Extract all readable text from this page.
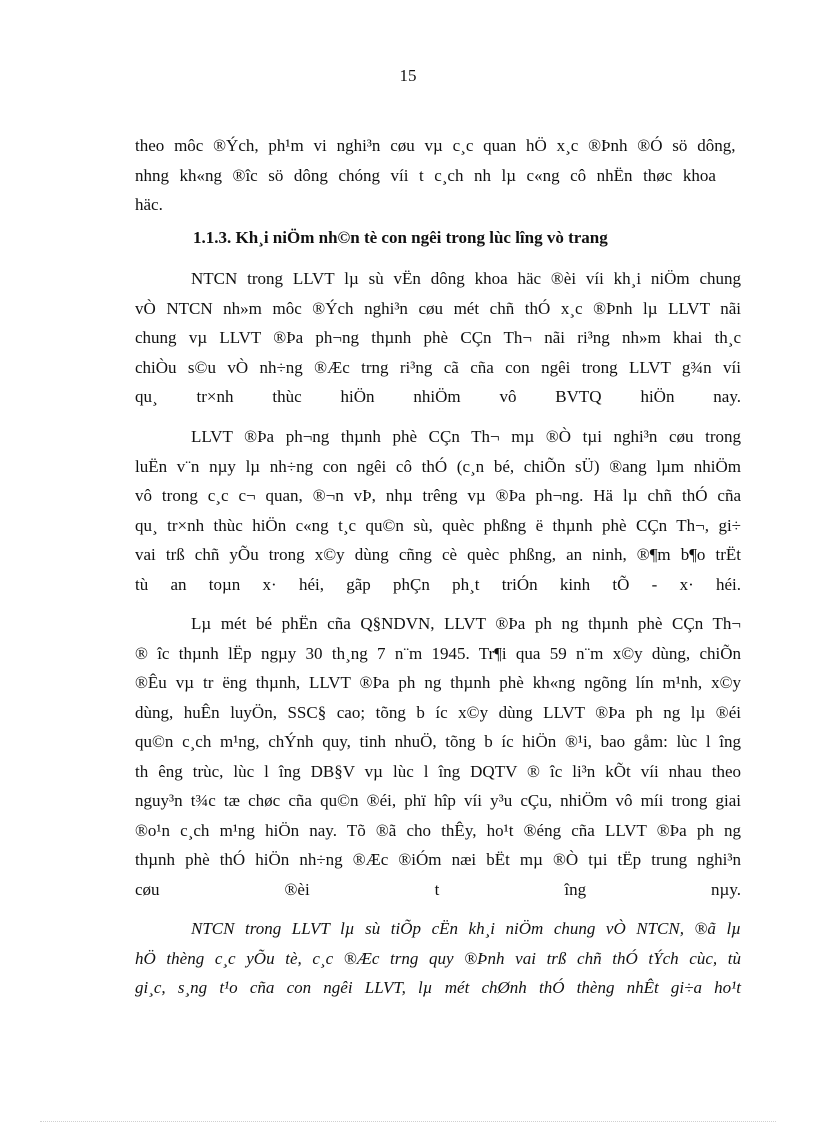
15
theo môc ®Ých, ph¹m vi nghi³n cøu vµ c¸c quan hÖ x¸c ®Þnh ®Ó sö dông,
nhng kh«ng ®îc sö dông chóng víi t c¸ch nh lµ c«ng cô nhËn thøc khoa
häc.
1.1.3. Kh¸i niÖm nh©n tè con ngêi trong lùc lîng vò trang
NTCN trong LLVT lµ sù vËn dông khoa häc ®èi víi kh¸i niÖm chung
vÒ NTCN nh»m môc ®Ých nghi³n cøu mét chñ thÓ x¸c ®Þnh lµ LLVT nãi
chung vµ LLVT ®Þa ph¬ng thµnh phè CÇn Th¬ nãi ri³ng nh»m khai th¸c
chiÒu s©u vÒ nh÷ng ®Æc trng ri³ng cã cña con ngêi trong LLVT g¾n víi
qu¸ tr×nh thùc hiÖn nhiÖm vô BVTQ hiÖn nay.
LLVT ®Þa ph¬ng thµnh phè CÇn Th¬ mµ ®Ò tµi nghi³n cøu trong
luËn v¨n nµy lµ nh÷ng con ngêi cô thÓ (c¸n bé, chiÕn sÜ) ®ang lµm nhiÖm
vô trong c¸c c¬ quan, ®¬n vÞ, nhµ trêng vµ ®Þa ph¬ng. Hä lµ chñ thÓ cña
qu¸ tr×nh thùc hiÖn c«ng t¸c qu©n sù, quèc phßng ë thµnh phè CÇn Th¬, gi÷
vai trß chñ yÕu trong x©y dùng cñng cè quèc phßng, an ninh, ®¶m b¶o trËt
tù an toµn x· héi, gãp phÇn ph¸t triÓn kinh tÕ - x· héi.
Lµ mét bé phËn cña Q§NDVN, LLVT ®Þa ph ng thµnh phè CÇn Th¬
® îc thµnh lËp ngµy 30 th¸ng 7 n¨m 1945. Tr¶i qua 59 n¨m x©y dùng, chiÕn
®Êu vµ tr ëng thµnh, LLVT ®Þa ph ng thµnh phè kh«ng ngõng lín m¹nh, x©y
dùng, huÊn luyÖn, SSC§ cao; tõng b íc x©y dùng LLVT ®Þa ph ng lµ ®éi
qu©n c¸ch m¹ng, chÝnh quy, tinh nhuÖ, tõng b íc hiÖn ®¹i, bao gåm: lùc l îng
th êng trùc, lùc l îng DB§V vµ lùc l îng DQTV ® îc li³n kÕt víi nhau theo
nguy³n t¾c tæ chøc cña qu©n ®éi, phï hîp víi y³u cÇu, nhiÖm vô míi trong giai
®o¹n c¸ch m¹ng hiÖn nay. Tõ ®ã cho thÊy, ho¹t ®éng cña LLVT ®Þa ph ng
thµnh phè thÓ hiÖn nh÷ng ®Æc ®iÓm næi bËt mµ ®Ò tµi tËp trung nghi³n
cøu ®èi t îng nµy.
NTCN trong LLVT lµ sù tiÕp cËn kh¸i niÖm chung vÒ NTCN, ®ã lµ
hÖ thèng c¸c yÕu tè, c¸c ®Æc trng quy ®Þnh vai trß chñ thÓ tÝch cùc, tù
gi¸c, s¸ng t¹o cña con ngêi LLVT, lµ mét chØnh thÓ thèng nhÊt gi÷a ho¹t
